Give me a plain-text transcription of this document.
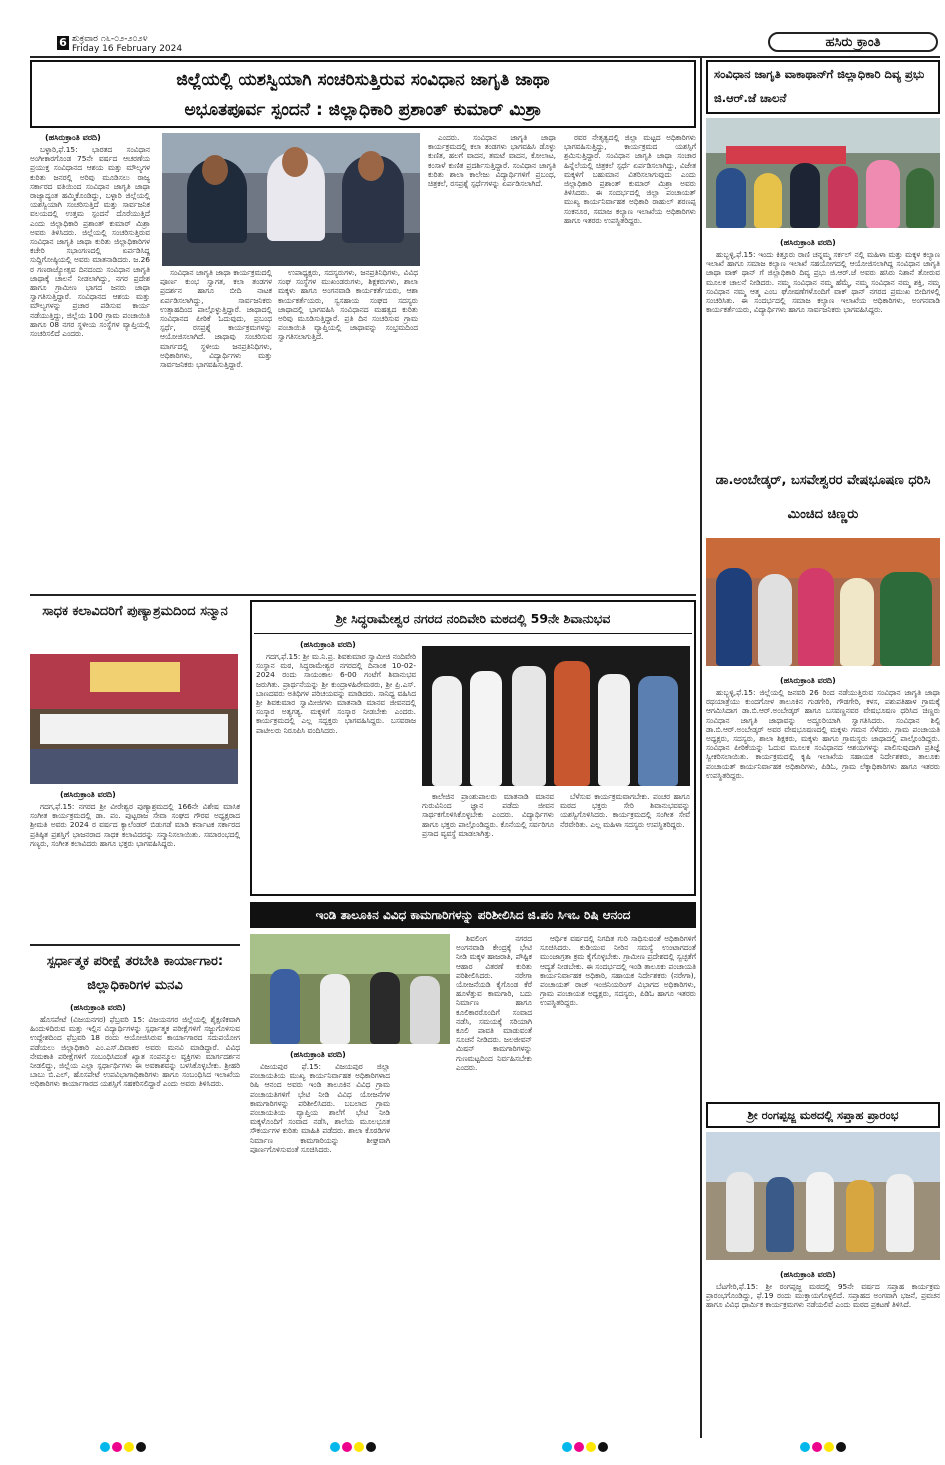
6 ಶುಕ್ರವಾರ ೧೬-೦೨-೨೦೨೪
Friday 16 February 2024	ಹಸಿರು ಕ್ರಾಂತಿ
ಜಿಲ್ಲೆಯಲ್ಲಿ ಯಶಸ್ವಿಯಾಗಿ ಸಂಚರಿಸುತ್ತಿರುವ ಸಂವಿಧಾನ ಜಾಗೃತಿ ಜಾಥಾ
ಅಭೂತಪೂರ್ವ ಸ್ಪಂದನೆ : ಜಿಲ್ಲಾಧಿಕಾರಿ ಪ್ರಶಾಂತ್ ಕುಮಾರ್ ಮಿಶ್ರಾ
(ಹಸಿರುಕ್ರಾಂತಿ ವರದಿ)

ಬಳ್ಳಾರಿ,ಫೆ.15: ಭಾರತದ ಸಂವಿಧಾನ ಅಂಗೀಕಾರಗೊಂಡ 75ನೇ ವರ್ಷದ ಆಚರಣೆಯ ಪ್ರಯುಕ್ತ ಸಂವಿಧಾನದ ಆಶಯ ಮತ್ತು ಮೌಲ್ಯಗಳ ಕುರಿತು ಜನರಲ್ಲಿ ಅರಿವು ಮೂಡಿಸಲು ರಾಜ್ಯ ಸರ್ಕಾರದ ವತಿಯಿಂದ ಸಂವಿಧಾನ ಜಾಗೃತಿ ಜಾಥಾ ರಾಜ್ಯಾದ್ಯಂತ ಹಮ್ಮಿಕೊಂಡಿದ್ದು, ಬಳ್ಳಾರಿ ಜಿಲ್ಲೆಯಲ್ಲಿ ಯಶಸ್ವಿಯಾಗಿ ಸಂಚರಿಸುತ್ತಿದೆ ಮತ್ತು ಸಾರ್ವಜನಿಕ ವಲಯದಲ್ಲಿ ಉತ್ತಮ ಸ್ಪಂದನೆ ದೊರೆಯುತ್ತಿದೆ ಎಂದು ಜಿಲ್ಲಾಧಿಕಾರಿ ಪ್ರಶಾಂತ್ ಕುಮಾರ್ ಮಿಶ್ರಾ ಅವರು ತಿಳಿಸಿದರು. ಜಿಲ್ಲೆಯಲ್ಲಿ ಸಂಚರಿಸುತ್ತಿರುವ ಸಂವಿಧಾನ ಜಾಗೃತಿ ಜಾಥಾ ಕುರಿತು ಜಿಲ್ಲಾಧಿಕಾರಿಗಳ ಕಚೇರಿ ಸಭಾಂಗಣದಲ್ಲಿ ಏರ್ಪಡಿಸಿದ್ದ ಸುದ್ದಿಗೋಷ್ಠಿಯಲ್ಲಿ ಅವರು ಮಾತನಾಡಿದರು. ಜ.26 ರ ಗಣರಾಜ್ಯೋತ್ಸವ ದಿನದಂದು ಸಂವಿಧಾನ ಜಾಗೃತಿ ಜಾಥಾಕ್ಕೆ ಚಾಲನೆ ನೀಡಲಾಗಿದ್ದು, ನಗರ ಪ್ರದೇಶ ಹಾಗೂ ಗ್ರಾಮೀಣ ಭಾಗದ ಜನರು ಜಾಥಾ ಸ್ವಾಗತಿಸುತ್ತಿದ್ದಾರೆ. ಸಂವಿಧಾನದ ಆಶಯ ಮತ್ತು ಮೌಲ್ಯಗಳನ್ನು ಪ್ರಚಾರ ಪಡಿಸುವ ಕಾರ್ಯ ನಡೆಯುತ್ತಿದ್ದು, ಜಿಲ್ಲೆಯ 100 ಗ್ರಾಮ ಪಂಚಾಯಿತಿ ಹಾಗೂ 08 ನಗರ ಸ್ಥಳೀಯ ಸಂಸ್ಥೆಗಳ ವ್ಯಾಪ್ತಿಯಲ್ಲಿ ಸಂಚರಿಸಲಿದೆ ಎಂದರು.

ಸಂವಿಧಾನ ಜಾಗೃತಿ ಜಾಥಾ ಕಾರ್ಯಕ್ರಮದಲ್ಲಿ ಪೂರ್ಣ ಕುಂಭ ಸ್ವಾಗತ, ಕಲಾ ತಂಡಗಳ ಪ್ರದರ್ಶನ ಹಾಗೂ ಬೀದಿ ನಾಟಕ ಏರ್ಪಡಿಸಲಾಗಿದ್ದು, ಸಾರ್ವಜನಿಕರು ಉತ್ಸಾಹದಿಂದ ಪಾಲ್ಗೊಳ್ಳುತ್ತಿದ್ದಾರೆ. ಜಾಥಾದಲ್ಲಿ ಸಂವಿಧಾನದ ಪೀಠಿಕೆ ಓದುವುದು, ಪ್ರಬಂಧ ಸ್ಪರ್ಧೆ, ರಸಪ್ರಶ್ನೆ ಕಾರ್ಯಕ್ರಮಗಳನ್ನು ಆಯೋಜಿಸಲಾಗಿದೆ. ಜಾಥಾವು ಸಂಚರಿಸುವ ಮಾರ್ಗದಲ್ಲಿ ಸ್ಥಳೀಯ ಜನಪ್ರತಿನಿಧಿಗಳು, ಅಧಿಕಾರಿಗಳು, ವಿದ್ಯಾರ್ಥಿಗಳು ಮತ್ತು ಸಾರ್ವಜನಿಕರು ಭಾಗವಹಿಸುತ್ತಿದ್ದಾರೆ.

ಉಪಾಧ್ಯಕ್ಷರು, ಸದಸ್ಯರುಗಳು, ಜನಪ್ರತಿನಿಧಿಗಳು, ವಿವಿಧ ಸಂಘ ಸಂಸ್ಥೆಗಳ ಮುಖಂಡರುಗಳು, ಶಿಕ್ಷಕರುಗಳು, ಶಾಲಾ ಮಕ್ಕಳು ಹಾಗೂ ಅಂಗನವಾಡಿ ಕಾರ್ಯಕರ್ತೆಯರು, ಆಶಾ ಕಾರ್ಯಕರ್ತೆಯರು, ಸ್ವಸಹಾಯ ಸಂಘದ ಸದಸ್ಯರು ಜಾಥಾದಲ್ಲಿ ಭಾಗವಹಿಸಿ ಸಂವಿಧಾನದ ಮಹತ್ವದ ಕುರಿತು ಅರಿವು ಮೂಡಿಸುತ್ತಿದ್ದಾರೆ. ಪ್ರತಿ ದಿನ ಸಂಚರಿಸುವ ಗ್ರಾಮ ಪಂಚಾಯಿತಿ ವ್ಯಾಪ್ತಿಯಲ್ಲಿ ಜಾಥಾವನ್ನು ಸಂಭ್ರಮದಿಂದ ಸ್ವಾಗತಿಸಲಾಗುತ್ತಿದೆ.

ಎಂದರು. ಸಂವಿಧಾನ ಜಾಗೃತಿ ಜಾಥಾ ಕಾರ್ಯಕ್ರಮದಲ್ಲಿ ಕಲಾ ತಂಡಗಳು ಭಾಗವಹಿಸಿ ಡೊಳ್ಳು ಕುಣಿತ, ಹಲಗೆ ವಾದನ, ತಮಟೆ ವಾದನ, ಕೋಲಾಟ, ಕಂಸಾಳೆ ಕುಣಿತ ಪ್ರದರ್ಶಿಸುತ್ತಿದ್ದಾರೆ. ಸಂವಿಧಾನ ಜಾಗೃತಿ ಕುರಿತು ಶಾಲಾ ಕಾಲೇಜು ವಿದ್ಯಾರ್ಥಿಗಳಿಗೆ ಪ್ರಬಂಧ, ಚಿತ್ರಕಲೆ, ರಸಪ್ರಶ್ನೆ ಸ್ಪರ್ಧೆಗಳನ್ನು ಏರ್ಪಡಿಸಲಾಗಿದೆ.

ರವರ ನೇತೃತ್ವದಲ್ಲಿ ಜಿಲ್ಲಾ ಮಟ್ಟದ ಅಧಿಕಾರಿಗಳು ಭಾಗವಹಿಸುತ್ತಿದ್ದು, ಕಾರ್ಯಕ್ರಮದ ಯಶಸ್ಸಿಗೆ ಶ್ರಮಿಸುತ್ತಿದ್ದಾರೆ. ಸಂವಿಧಾನ ಜಾಗೃತಿ ಜಾಥಾ ಸಂಚಾರ ಹಿನ್ನೆಲೆಯಲ್ಲಿ ಚಿತ್ರಕಲೆ ಸ್ಪರ್ಧೆ ಏರ್ಪಡಿಸಲಾಗಿದ್ದು, ವಿಜೇತ ಮಕ್ಕಳಿಗೆ ಬಹುಮಾನ ವಿತರಿಸಲಾಗುವುದು ಎಂದು ಜಿಲ್ಲಾಧಿಕಾರಿ ಪ್ರಶಾಂತ್ ಕುಮಾರ್ ಮಿಶ್ರಾ ಅವರು ತಿಳಿಸಿದರು. ಈ ಸಂದರ್ಭದಲ್ಲಿ ಜಿಲ್ಲಾ ಪಂಚಾಯತ್ ಮುಖ್ಯ ಕಾರ್ಯನಿರ್ವಾಹಕ ಅಧಿಕಾರಿ ರಾಹುಲ್ ಶರಣಪ್ಪ ಸಂಕನೂರ, ಸಮಾಜ ಕಲ್ಯಾಣ ಇಲಾಖೆಯ ಅಧಿಕಾರಿಗಳು ಹಾಗೂ ಇತರರು ಉಪಸ್ಥಿತರಿದ್ದರು.

ಸಂವಿಧಾನ ಜಾಗೃತಿ ವಾಕಾಥಾನ್‍ಗೆ ಜಿಲ್ಲಾಧಿಕಾರಿ ದಿವ್ಯ ಪ್ರಭು ಜಿ.ಆರ್.ಜೆ ಚಾಲನೆ
(ಹಸಿರುಕ್ರಾಂತಿ ವರದಿ)

ಹುಬ್ಬಳ್ಳಿ,ಫೆ.15: ಇಂದು ಕಿತ್ತೂರು ರಾಣಿ ಚನ್ನಮ್ಮ ಸರ್ಕಲ್ ನಲ್ಲಿ ಮಹಿಳಾ ಮತ್ತು ಮಕ್ಕಳ ಕಲ್ಯಾಣ ಇಲಾಖೆ ಹಾಗೂ ಸಮಾಜ ಕಲ್ಯಾಣ ಇಲಾಖೆ ಸಹಯೋಗದಲ್ಲಿ ಆಯೋಜಿಸಲಾಗಿದ್ದ ಸಂವಿಧಾನ ಜಾಗೃತಿ ಜಾಥಾ ವಾಕ್ ಥಾನ್ ಗೆ ಜಿಲ್ಲಾಧಿಕಾರಿ ದಿವ್ಯ ಪ್ರಭು ಜಿ.ಆರ್.ಜೆ ಅವರು ಹಸಿರು ನಿಶಾನೆ ತೋರುವ ಮೂಲಕ ಚಾಲನೆ ನೀಡಿದರು. ನಮ್ಮ ಸಂವಿಧಾನ ನಮ್ಮ ಹೆಮ್ಮೆ, ನಮ್ಮ ಸಂವಿಧಾನ ನಮ್ಮ ಶಕ್ತಿ, ನಮ್ಮ ಸಂವಿಧಾನ ನಮ್ಮ ಆತ್ಮ ಎಂಬ ಘೋಷಣೆಗಳೊಂದಿಗೆ ವಾಕ್ ಥಾನ್ ನಗರದ ಪ್ರಮುಖ ಬೀದಿಗಳಲ್ಲಿ ಸಂಚರಿಸಿತು. ಈ ಸಂದರ್ಭದಲ್ಲಿ ಸಮಾಜ ಕಲ್ಯಾಣ ಇಲಾಖೆಯ ಅಧಿಕಾರಿಗಳು, ಅಂಗನವಾಡಿ ಕಾರ್ಯಕರ್ತೆಯರು, ವಿದ್ಯಾರ್ಥಿಗಳು ಹಾಗೂ ಸಾರ್ವಜನಿಕರು ಭಾಗವಹಿಸಿದ್ದರು.

ಡಾ.ಅಂಬೇಡ್ಕರ್, ಬಸವೇಶ್ವರರ ವೇಷಭೂಷಣ ಧರಿಸಿ ಮಿಂಚಿದ ಚಿಣ್ಣರು
(ಹಸಿರುಕ್ರಾಂತಿ ವರದಿ)

ಹುಬ್ಬಳ್ಳಿ,ಫೆ.15: ಜಿಲ್ಲೆಯಲ್ಲಿ ಜನವರಿ 26 ರಿಂದ ನಡೆಯುತ್ತಿರುವ ಸಂವಿಧಾನ ಜಾಗೃತಿ ಜಾಥಾ ರಥಯಾತ್ರೆಯು ಕುಂದಗೋಳ ತಾಲೂಕಿನ ಗುಡಗೇರಿ, ಗೌಡಗೇರಿ, ಕಳಸ, ಪಶುಪತಿಹಾಳ ಗ್ರಾಮಕ್ಕೆ ಆಗಮಿಸಿದಾಗ ಡಾ.ಬಿ.ಆರ್.ಅಂಬೇಡ್ಕರ್ ಹಾಗೂ ಬಸವಣ್ಣನವರ ವೇಷಭೂಷಣ ಧರಿಸಿದ ಚಿಣ್ಣರು ಸಂವಿಧಾನ ಜಾಗೃತಿ ಜಾಥಾವನ್ನು ಅದ್ಧೂರಿಯಾಗಿ ಸ್ವಾಗತಿಸಿದರು. ಸಂವಿಧಾನ ಶಿಲ್ಪಿ ಡಾ.ಬಿ.ಆರ್.ಅಂಬೇಡ್ಕರ್ ಅವರ ವೇಷಭೂಷಣದಲ್ಲಿ ಮಕ್ಕಳು ಗಮನ ಸೆಳೆದರು. ಗ್ರಾಮ ಪಂಚಾಯತಿ ಅಧ್ಯಕ್ಷರು, ಸದಸ್ಯರು, ಶಾಲಾ ಶಿಕ್ಷಕರು, ಮಕ್ಕಳು ಹಾಗೂ ಗ್ರಾಮಸ್ಥರು ಜಾಥಾದಲ್ಲಿ ಪಾಲ್ಗೊಂಡಿದ್ದರು. ಸಂವಿಧಾನ ಪೀಠಿಕೆಯನ್ನು ಓದುವ ಮೂಲಕ ಸಂವಿಧಾನದ ಆಶಯಗಳನ್ನು ಪಾಲಿಸುವುದಾಗಿ ಪ್ರತಿಜ್ಞೆ ಸ್ವೀಕರಿಸಲಾಯಿತು. ಕಾರ್ಯಕ್ರಮದಲ್ಲಿ ಕೃಷಿ ಇಲಾಖೆಯ ಸಹಾಯಕ ನಿರ್ದೇಶಕರು, ತಾಲೂಕು ಪಂಚಾಯತ್ ಕಾರ್ಯನಿರ್ವಾಹಕ ಅಧಿಕಾರಿಗಳು, ಪಿಡಿಓ, ಗ್ರಾಮ ಲೆಕ್ಕಾಧಿಕಾರಿಗಳು ಹಾಗೂ ಇತರರು ಉಪಸ್ಥಿತರಿದ್ದರು.

ಶ್ರೀ ರಂಗಪ್ಪಜ್ಜ ಮಠದಲ್ಲಿ ಸಪ್ತಾಹ ಪ್ರಾರಂಭ
(ಹಸಿರುಕ್ರಾಂತಿ ವರದಿ)

ಬೆಟಗೇರಿ,ಫೆ.15: ಶ್ರೀ ರಂಗಪ್ಪಜ್ಜ ಮಠದಲ್ಲಿ 95ನೇ ವರ್ಷದ ಸಪ್ತಾಹ ಕಾರ್ಯಕ್ರಮ ಪ್ರಾರಂಭಗೊಂಡಿದ್ದು, ಫೆ.19 ರಂದು ಮುಕ್ತಾಯಗೊಳ್ಳಲಿದೆ. ಸಪ್ತಾಹದ ಅಂಗವಾಗಿ ಭಜನೆ, ಪ್ರವಚನ ಹಾಗೂ ವಿವಿಧ ಧಾರ್ಮಿಕ ಕಾರ್ಯಕ್ರಮಗಳು ನಡೆಯಲಿವೆ ಎಂದು ಮಠದ ಪ್ರಕಟಣೆ ತಿಳಿಸಿದೆ.

ಸಾಧಕ ಕಲಾವಿದರಿಗೆ ಪುಣ್ಯಾಶ್ರಮದಿಂದ ಸನ್ಮಾನ
(ಹಸಿರುಕ್ರಾಂತಿ ವರದಿ)

ಗದಗ,ಫೆ.15: ನಗರದ ಶ್ರೀ ವೀರೇಶ್ವರ ಪುಣ್ಯಾಶ್ರಮದಲ್ಲಿ 166ನೇ ವಿಶೇಷ ಮಾಸಿಕ ಸಂಗೀತ ಕಾರ್ಯಕ್ರಮದಲ್ಲಿ ಡಾ. ಪಂ. ಪುಟ್ಟರಾಜ ಸೇವಾ ಸಂಘದ ಗೌರವ ಅಧ್ಯಕ್ಷರಾದ ಶ್ರೀಮತಿ ಅವರು 2024 ರ ವರ್ಷದ ಕ್ಯಾಲೆಂಡರ್ ಬಿಡುಗಡೆ ಮಾಡಿ ಕರ್ನಾಟಕ ಸರ್ಕಾರದ ಪ್ರತಿಷ್ಠಿತ ಪ್ರಶಸ್ತಿಗೆ ಭಾಜನರಾದ ಸಾಧಕ ಕಲಾವಿದರನ್ನು ಸನ್ಮಾನಿಸಲಾಯಿತು. ಸಮಾರಂಭದಲ್ಲಿ ಗಣ್ಯರು, ಸಂಗೀತ ಕಲಾವಿದರು ಹಾಗೂ ಭಕ್ತರು ಭಾಗವಹಿಸಿದ್ದರು.

ಸ್ಪರ್ಧಾತ್ಮಕ ಪರೀಕ್ಷೆ ತರಬೇತಿ ಕಾರ್ಯಾಗಾರ: ಜಿಲ್ಲಾಧಿಕಾರಿಗಳ ಮನವಿ
(ಹಸಿರುಕ್ರಾಂತಿ ವರದಿ)

ಹೊಸಪೇಟೆ (ವಿಜಯನಗರ) ಫೆಬ್ರವರಿ 15: ವಿಜಯನಗರ ಜಿಲ್ಲೆಯಲ್ಲಿ ಶೈಕ್ಷಣಿಕವಾಗಿ ಹಿಂದುಳಿದಿರುವ ಮತ್ತು ಇಲ್ಲಿನ ವಿದ್ಯಾರ್ಥಿಗಳನ್ನು ಸ್ಪರ್ಧಾತ್ಮಕ ಪರೀಕ್ಷೆಗಳಿಗೆ ಸಜ್ಜುಗೊಳಿಸುವ ಉದ್ದೇಶದಿಂದ ಫೆಬ್ರವರಿ 18 ರಂದು ಆಯೋಜಿಸಿರುವ ಕಾರ್ಯಾಗಾರದ ಸದುಪಯೋಗ ಪಡೆಯಲು ಜಿಲ್ಲಾಧಿಕಾರಿ ಎಂ.ಎಸ್.ದಿವಾಕರ ಅವರು ಮನವಿ ಮಾಡಿದ್ದಾರೆ. ವಿವಿಧ ನೇಮಕಾತಿ ಪರೀಕ್ಷೆಗಳಿಗೆ ಸಂಬಂಧಿಸಿದಂತೆ ಖ್ಯಾತ ಸಂಪನ್ಮೂಲ ವ್ಯಕ್ತಿಗಳು ಮಾರ್ಗದರ್ಶನ ನೀಡಲಿದ್ದು, ಜಿಲ್ಲೆಯ ಎಲ್ಲಾ ಸ್ಪರ್ಧಾರ್ಥಿಗಳು ಈ ಅವಕಾಶವನ್ನು ಬಳಸಿಕೊಳ್ಳಬೇಕು. ಶ್ರೀಹರಿ ಬಾಬು ಬಿ.ಎಲ್, ಹೊಸಪೇಟೆ ಉಪವಿಭಾಗಾಧಿಕಾರಿಗಳು ಹಾಗೂ ಸಂಬಂಧಿಸಿದ ಇಲಾಖೆಯ ಅಧಿಕಾರಿಗಳು ಕಾರ್ಯಾಗಾರದ ಯಶಸ್ಸಿಗೆ ಸಹಕರಿಸಲಿದ್ದಾರೆ ಎಂದು ಅವರು ತಿಳಿಸಿದರು.

ಶ್ರೀ ಸಿದ್ಧರಾಮೇಶ್ವರ ನಗರದ ನಂದಿವೇರಿ ಮಠದಲ್ಲಿ 59ನೇ ಶಿವಾನುಭವ
(ಹಸಿರುಕ್ರಾಂತಿ ವರದಿ)

ಗದಗ,ಫೆ.15: ಶ್ರೀ ಮ.ನಿ.ಪ್ರ. ಶಿವಕುಮಾರ ಸ್ವಾಮೀಜಿ ನಂದಿವೇರಿ ಸಂಸ್ಥಾನ ಮಠ, ಸಿದ್ಧರಾಮೇಶ್ವರ ನಗರದಲ್ಲಿ ದಿನಾಂಕ 10-02-2024 ರಂದು ಸಾಯಂಕಾಲ 6-00 ಗಂಟೆಗೆ ಶಿವಾನುಭವ ಜರುಗಿತು. ಪ್ರಾರ್ಥನೆಯನ್ನು ಶ್ರೀ ಕುಂದ್ರಾಳಹಿರೇಮಠರು, ಶ್ರೀ ಪ್ರಿ.ಎಸ್. ಬಾಣದವರು ಅತಿಥಿಗಳ ಪರಿಚಯವನ್ನು ಮಾಡಿದರು. ಸಾನಿಧ್ಯ ವಹಿಸಿದ ಶ್ರೀ ಶಿವಕುಮಾರ ಸ್ವಾಮೀಜಿಗಳು ಮಾತನಾಡಿ ಮಾನವ ಜೀವನದಲ್ಲಿ ಸಂಸ್ಕಾರ ಅತ್ಯಗತ್ಯ. ಮಕ್ಕಳಿಗೆ ಸಂಸ್ಕಾರ ನೀಡಬೇಕು ಎಂದರು. ಕಾರ್ಯಕ್ರಮದಲ್ಲಿ ಎಲ್ಲ ಸದ್ಭಕ್ತರು ಭಾಗವಹಿಸಿದ್ದರು. ಬಸವರಾಜ ಪಾಟೀಲರು ನಿರೂಪಿಸಿ ವಂದಿಸಿದರು.

ಕಾಲೇಜಿನ ಪ್ರಾಂಶುಪಾಲರು ಮಾತನಾಡಿ ಮಾನವ ಗುರುವಿನಿಂದ ಜ್ಞಾನ ಪಡೆದು ಜೀವನ ಸಾರ್ಥಕಗೊಳಿಸಿಕೊಳ್ಳಬೇಕು ಎಂದರು. ವಿದ್ಯಾರ್ಥಿಗಳು ಹಾಗೂ ಭಕ್ತರು ಪಾಲ್ಗೊಂಡಿದ್ದರು. ಕೊನೆಯಲ್ಲಿ ಸರ್ವರಿಗೂ ಪ್ರಸಾದ ವ್ಯವಸ್ಥೆ ಮಾಡಲಾಗಿತ್ತು.

ಬೆಳೆಸುವ ಕಾರ್ಯಕ್ರಮವಾಗಬೇಕು. ಪಂಚರ ಹಾಗೂ ಮಠದ ಭಕ್ತರು ಸೇರಿ ಶಿವಾನುಭವವನ್ನು ಯಶಸ್ವಿಗೊಳಿಸಿದರು. ಕಾರ್ಯಕ್ರಮದಲ್ಲಿ ಸಂಗೀತ ಸೇವೆ ನೆರವೇರಿತು. ಎಲ್ಲ ಮಹಿಳಾ ಸದಸ್ಯರು ಉಪಸ್ಥಿತರಿದ್ದರು.

ಇಂಡಿ ತಾಲೂಕಿನ ವಿವಿಧ ಕಾಮಗಾರಿಗಳನ್ನು ಪರಿಶೀಲಿಸಿದ ಜಿ.ಪಂ ಸಿಇಒ ರಿಷಿ ಆನಂದ
(ಹಸಿರುಕ್ರಾಂತಿ ವರದಿ)

ವಿಜಯಪುರ ಫೆ.15: ವಿಜಯಪುರ ಜಿಲ್ಲಾ ಪಂಚಾಯತಿಯ ಮುಖ್ಯ ಕಾರ್ಯನಿರ್ವಾಹಕ ಅಧಿಕಾರಿಗಳಾದ ರಿಷಿ ಆನಂದ ಅವರು ಇಂಡಿ ತಾಲೂಕಿನ ವಿವಿಧ ಗ್ರಾಮ ಪಂಚಾಯತಿಗಳಿಗೆ ಭೇಟಿ ನೀಡಿ ವಿವಿಧ ಯೋಜನೆಗಳ ಕಾಮಗಾರಿಗಳನ್ನು ಪರಿಶೀಲಿಸಿದರು. ಬಬಲಾದ ಗ್ರಾಮ ಪಂಚಾಯತಿಯ ವ್ಯಾಪ್ತಿಯ ಶಾಲೆಗೆ ಭೇಟಿ ನೀಡಿ ಮಕ್ಕಳೊಂದಿಗೆ ಸಂವಾದ ನಡೆಸಿ, ಶಾಲೆಯ ಮೂಲಭೂತ ಸೌಕರ್ಯಗಳ ಕುರಿತು ಮಾಹಿತಿ ಪಡೆದರು. ಶಾಲಾ ಕೊಠಡಿಗಳ ನಿರ್ಮಾಣ ಕಾಮಗಾರಿಯನ್ನು ಶೀಘ್ರವಾಗಿ ಪೂರ್ಣಗೊಳಿಸುವಂತೆ ಸೂಚಿಸಿದರು.

ಶಿವಲಿಂಗ ನಗರದ ಅಂಗನವಾಡಿ ಕೇಂದ್ರಕ್ಕೆ ಭೇಟಿ ನೀಡಿ ಮಕ್ಕಳ ಹಾಜರಾತಿ, ಪೌಷ್ಟಿಕ ಆಹಾರ ವಿತರಣೆ ಕುರಿತು ಪರಿಶೀಲಿಸಿದರು. ನರೇಗಾ ಯೋಜನೆಯಡಿ ಕೈಗೊಂಡ ಕೆರೆ ಹೂಳೆತ್ತುವ ಕಾಮಗಾರಿ, ಬದು ನಿರ್ಮಾಣ ಹಾಗೂ ಕೂಲಿಕಾರರೊಂದಿಗೆ ಸಂವಾದ ನಡೆಸಿ, ಸಮಯಕ್ಕೆ ಸರಿಯಾಗಿ ಕೂಲಿ ಪಾವತಿ ಮಾಡುವಂತೆ ಸೂಚನೆ ನೀಡಿದರು. ಜಲಜೀವನ್ ಮಿಷನ್ ಕಾಮಗಾರಿಗಳನ್ನು ಗುಣಮಟ್ಟದಿಂದ ನಿರ್ವಹಿಸಬೇಕು ಎಂದರು.

ಆರ್ಥಿಕ ವರ್ಷದಲ್ಲಿ ನಿಗದಿತ ಗುರಿ ಸಾಧಿಸುವಂತೆ ಅಧಿಕಾರಿಗಳಿಗೆ ಸೂಚಿಸಿದರು. ಕುಡಿಯುವ ನೀರಿನ ಸಮಸ್ಯೆ ಉಂಟಾಗದಂತೆ ಮುಂಜಾಗ್ರತಾ ಕ್ರಮ ಕೈಗೊಳ್ಳಬೇಕು. ಗ್ರಾಮೀಣ ಪ್ರದೇಶದಲ್ಲಿ ಸ್ವಚ್ಛತೆಗೆ ಆದ್ಯತೆ ನೀಡಬೇಕು. ಈ ಸಂದರ್ಭದಲ್ಲಿ ಇಂಡಿ ತಾಲೂಕು ಪಂಚಾಯತಿ ಕಾರ್ಯನಿರ್ವಾಹಕ ಅಧಿಕಾರಿ, ಸಹಾಯಕ ನಿರ್ದೇಶಕರು (ನರೇಗಾ), ಪಂಚಾಯತ್ ರಾಜ್ ಇಂಜಿನಿಯರಿಂಗ್ ವಿಭಾಗದ ಅಧಿಕಾರಿಗಳು, ಗ್ರಾಮ ಪಂಚಾಯತ ಅಧ್ಯಕ್ಷರು, ಸದಸ್ಯರು, ಪಿಡಿಓ ಹಾಗೂ ಇತರರು ಉಪಸ್ಥಿತರಿದ್ದರು.
